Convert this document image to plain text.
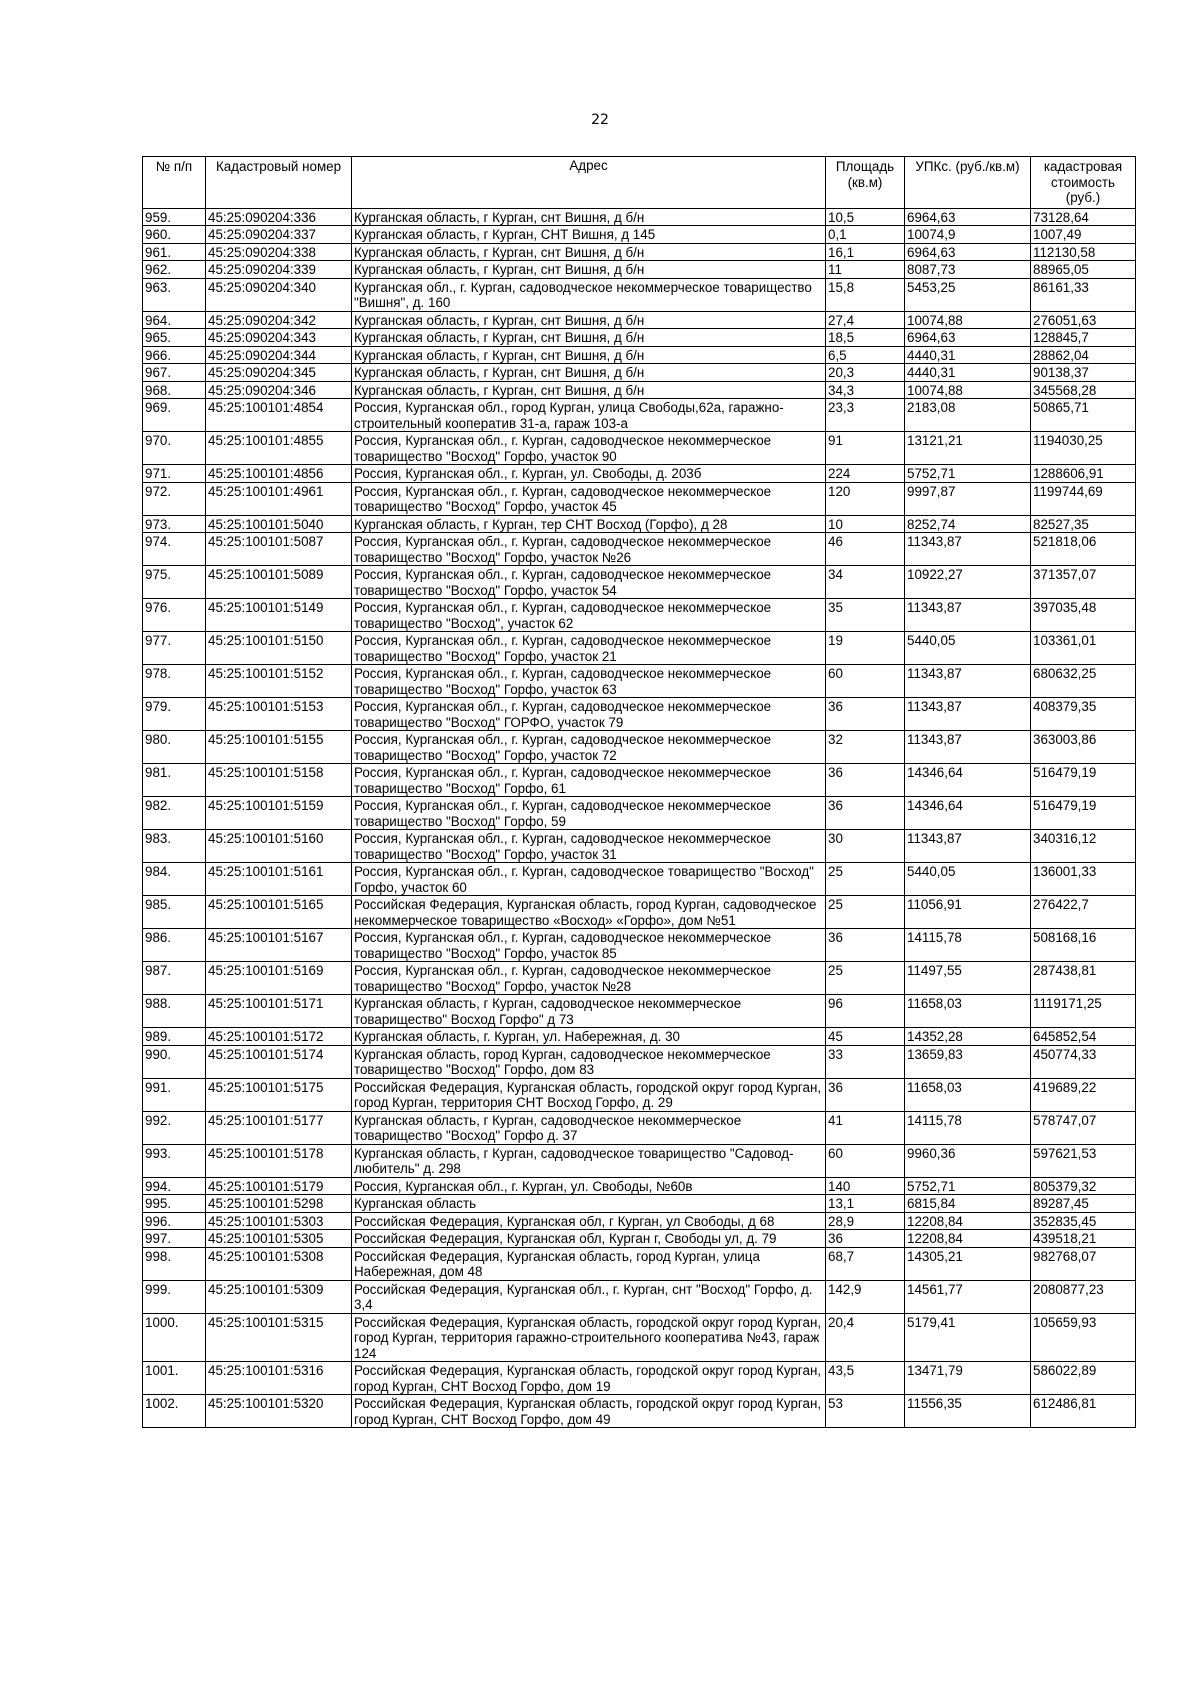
22
№ п/п	Кадастровый номер	Адрес	Площадь (кв.м)	УПКс. (руб./кв.м)	кадастровая стоимость (руб.)
959.	45:25:090204:336	Курганская область, г Курган, снт Вишня, д б/н	10,5	6964,63	73128,64
960.	45:25:090204:337	Курганская область, г Курган, СНТ Вишня, д 145	0,1	10074,9	1007,49
961.	45:25:090204:338	Курганская область, г Курган, снт Вишня, д б/н	16,1	6964,63	112130,58
962.	45:25:090204:339	Курганская область, г Курган, снт Вишня, д б/н	11	8087,73	88965,05
963.	45:25:090204:340	Курганская обл., г. Курган, садоводческое некоммерческое товарищество "Вишня", д. 160	15,8	5453,25	86161,33
964.	45:25:090204:342	Курганская область, г Курган, снт Вишня, д б/н	27,4	10074,88	276051,63
965.	45:25:090204:343	Курганская область, г Курган, снт Вишня, д б/н	18,5	6964,63	128845,7
966.	45:25:090204:344	Курганская область, г Курган, снт Вишня, д б/н	6,5	4440,31	28862,04
967.	45:25:090204:345	Курганская область, г Курган, снт Вишня, д б/н	20,3	4440,31	90138,37
968.	45:25:090204:346	Курганская область, г Курган, снт Вишня, д б/н	34,3	10074,88	345568,28
969.	45:25:100101:4854	Россия, Курганская обл., город Курган, улица Свободы,62а, гаражно-строительный кооператив 31-а, гараж 103-а	23,3	2183,08	50865,71
970.	45:25:100101:4855	Россия, Курганская обл., г. Курган, садоводческое некоммерческое товарищество "Восход" Горфо, участок 90	91	13121,21	1194030,25
971.	45:25:100101:4856	Россия, Курганская обл., г. Курган, ул. Свободы, д. 203б	224	5752,71	1288606,91
972.	45:25:100101:4961	Россия, Курганская обл., г. Курган, садоводческое некоммерческое товарищество "Восход" Горфо, участок 45	120	9997,87	1199744,69
973.	45:25:100101:5040	Курганская область, г Курган, тер СНТ Восход (Горфо), д 28	10	8252,74	82527,35
974.	45:25:100101:5087	Россия, Курганская обл., г. Курган, садоводческое некоммерческое товарищество "Восход" Горфо, участок №26	46	11343,87	521818,06
975.	45:25:100101:5089	Россия, Курганская обл., г. Курган, садоводческое некоммерческое товарищество "Восход" Горфо, участок 54	34	10922,27	371357,07
976.	45:25:100101:5149	Россия, Курганская обл., г. Курган, садоводческое некоммерческое товарищество "Восход", участок 62	35	11343,87	397035,48
977.	45:25:100101:5150	Россия, Курганская обл., г. Курган, садоводческое некоммерческое товарищество "Восход" Горфо, участок 21	19	5440,05	103361,01
978.	45:25:100101:5152	Россия, Курганская обл., г. Курган, садоводческое некоммерческое товарищество "Восход" Горфо, участок 63	60	11343,87	680632,25
979.	45:25:100101:5153	Россия, Курганская обл., г. Курган, садоводческое некоммерческое товарищество "Восход" ГОРФО, участок 79	36	11343,87	408379,35
980.	45:25:100101:5155	Россия, Курганская обл., г. Курган, садоводческое некоммерческое товарищество "Восход" Горфо, участок 72	32	11343,87	363003,86
981.	45:25:100101:5158	Россия, Курганская обл., г. Курган, садоводческое некоммерческое товарищество "Восход" Горфо, 61	36	14346,64	516479,19
982.	45:25:100101:5159	Россия, Курганская обл., г. Курган, садоводческое некоммерческое товарищество "Восход" Горфо, 59	36	14346,64	516479,19
983.	45:25:100101:5160	Россия, Курганская обл., г. Курган, садоводческое некоммерческое товарищество "Восход" Горфо, участок 31	30	11343,87	340316,12
984.	45:25:100101:5161	Россия, Курганская обл., г. Курган, садоводческое товарищество "Восход" Горфо, участок 60	25	5440,05	136001,33
985.	45:25:100101:5165	Российская Федерация, Курганская область, город Курган, садоводческое некоммерческое товарищество «Восход» «Горфо», дом №51	25	11056,91	276422,7
986.	45:25:100101:5167	Россия, Курганская обл., г. Курган, садоводческое некоммерческое товарищество "Восход" Горфо, участок 85	36	14115,78	508168,16
987.	45:25:100101:5169	Россия, Курганская обл., г. Курган, садоводческое некоммерческое товарищество "Восход" Горфо, участок №28	25	11497,55	287438,81
988.	45:25:100101:5171	Курганская область, г Курган, садоводческое некоммерческое товарищество" Восход Горфо" д 73	96	11658,03	1119171,25
989.	45:25:100101:5172	Курганская область, г. Курган, ул. Набережная, д. 30	45	14352,28	645852,54
990.	45:25:100101:5174	Курганская область, город Курган, садоводческое некоммерческое товарищество "Восход" Горфо, дом 83	33	13659,83	450774,33
991.	45:25:100101:5175	Российская Федерация, Курганская область, городской округ город Курган, город Курган, территория СНТ Восход Горфо, д. 29	36	11658,03	419689,22
992.	45:25:100101:5177	Курганская область, г Курган, садоводческое некоммерческое товарищество "Восход" Горфо д. 37	41	14115,78	578747,07
993.	45:25:100101:5178	Курганская область, г Курган, садоводческое товарищество "Садовод-любитель" д. 298	60	9960,36	597621,53
994.	45:25:100101:5179	Россия, Курганская обл., г. Курган, ул. Свободы, №60в	140	5752,71	805379,32
995.	45:25:100101:5298	Курганская область	13,1	6815,84	89287,45
996.	45:25:100101:5303	Российская Федерация, Курганская обл, г Курган, ул Свободы, д 68	28,9	12208,84	352835,45
997.	45:25:100101:5305	Российская Федерация, Курганская обл, Курган г, Свободы ул, д. 79	36	12208,84	439518,21
998.	45:25:100101:5308	Российская Федерация, Курганская область, город Курган, улица Набережная, дом 48	68,7	14305,21	982768,07
999.	45:25:100101:5309	Российская Федерация, Курганская обл., г. Курган, снт "Восход" Горфо, д. 3,4	142,9	14561,77	2080877,23
1000.	45:25:100101:5315	Российская Федерация, Курганская область, городской округ город Курган, город Курган, территория гаражно-строительного кооператива №43, гараж 124	20,4	5179,41	105659,93
1001.	45:25:100101:5316	Российская Федерация, Курганская область, городской округ город Курган, город Курган, СНТ Восход Горфо, дом 19	43,5	13471,79	586022,89
1002.	45:25:100101:5320	Российская Федерация, Курганская область, городской округ город Курган, город Курган, СНТ Восход Горфо, дом 49	53	11556,35	612486,81
